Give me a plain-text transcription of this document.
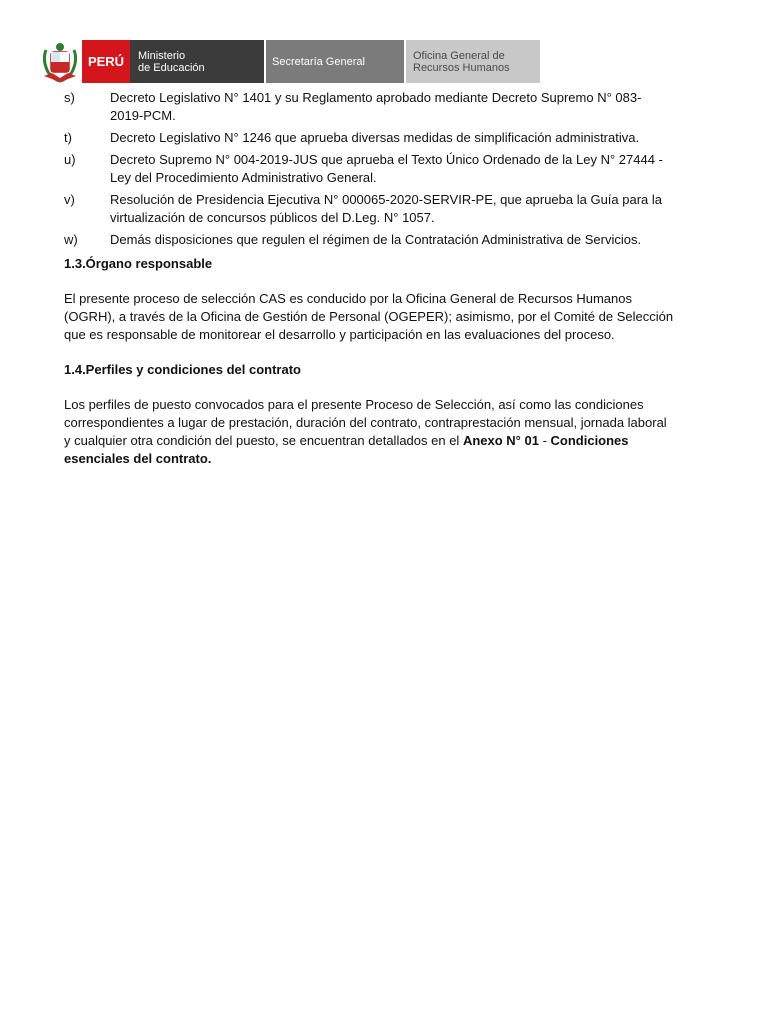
PERÚ	Ministerio
de Educación	Secretaría General	Oficina General de
Recursos Humanos
s)	Decreto Legislativo N° 1401 y su Reglamento aprobado mediante Decreto Supremo N° 083-2019-PCM.
t)	Decreto Legislativo N° 1246 que aprueba diversas medidas de simplificación administrativa.
u)	Decreto Supremo N° 004-2019-JUS que aprueba el Texto Único Ordenado de la Ley N° 27444 - Ley del Procedimiento Administrativo General.
v)	Resolución de Presidencia Ejecutiva N° 000065-2020-SERVIR-PE, que aprueba la Guía para la virtualización de concursos públicos del D.Leg. N° 1057.
w)	Demás disposiciones que regulen el régimen de la Contratación Administrativa de Servicios.
1.3.Órgano responsable
El presente proceso de selección CAS es conducido por la Oficina General de Recursos Humanos (OGRH), a través de la Oficina de Gestión de Personal (OGEPER); asimismo, por el Comité de Selección que es responsable de monitorear el desarrollo y participación en las evaluaciones del proceso.
1.4.Perfiles y condiciones del contrato
Los perfiles de puesto convocados para el presente Proceso de Selección, así como las condiciones correspondientes a lugar de prestación, duración del contrato, contraprestación mensual, jornada laboral y cualquier otra condición del puesto, se encuentran detallados en el Anexo N° 01 - Condiciones esenciales del contrato.
